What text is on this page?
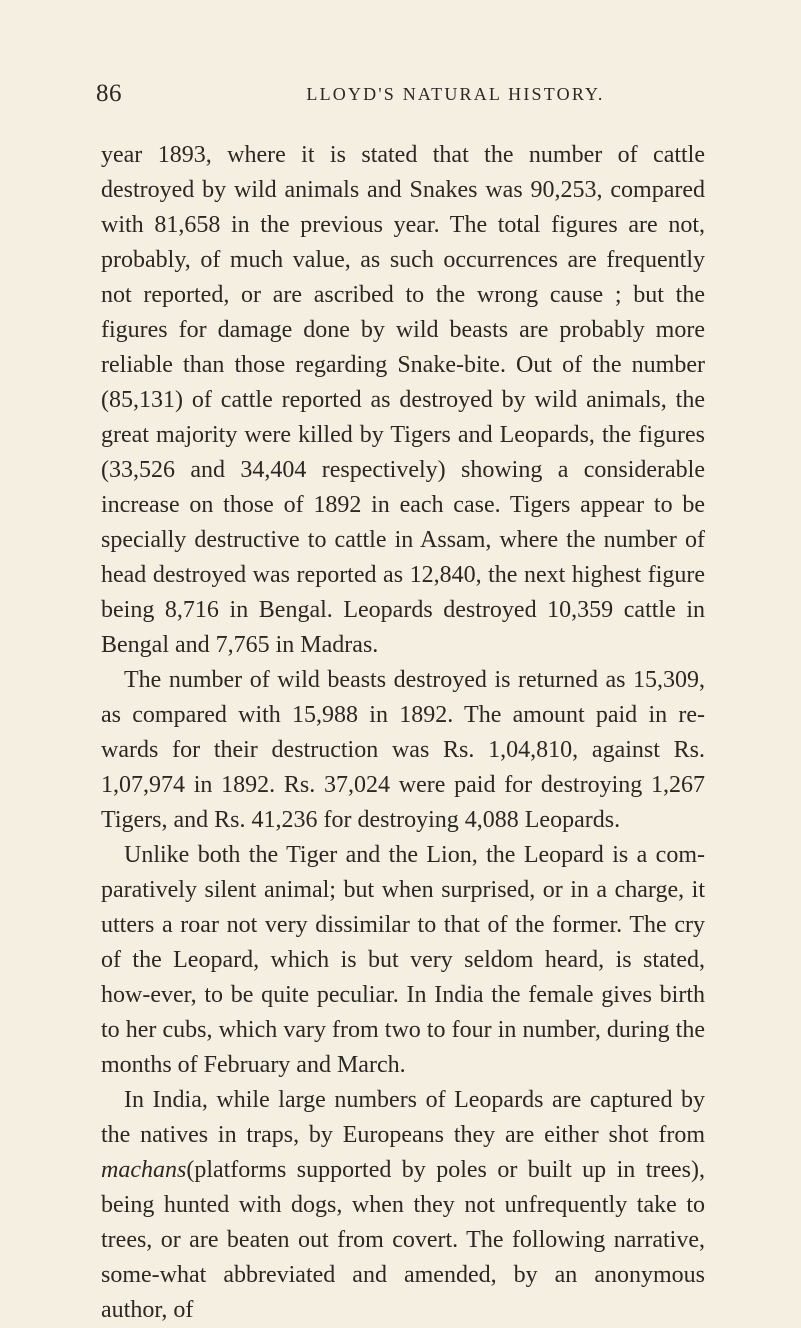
86	LLOYD'S NATURAL HISTORY.

year 1893, where it is stated that the number of cattle destroyed by wild animals and Snakes was 90,253, compared with 81,658 in the previous year. The total figures are not, probably, of much value, as such occurrences are frequently not reported, or are ascribed to the wrong cause ; but the figures for damage done by wild beasts are probably more reliable than those regarding Snake-bite. Out of the number (85,131) of cattle reported as destroyed by wild animals, the great majority were killed by Tigers and Leopards, the figures (33,526 and 34,404 respectively) showing a considerable increase on those of 1892 in each case. Tigers appear to be specially destructive to cattle in Assam, where the number of head destroyed was reported as 12,840, the next highest figure being 8,716 in Bengal. Leopards destroyed 10,359 cattle in Bengal and 7,765 in Madras.

The number of wild beasts destroyed is returned as 15,309, as compared with 15,988 in 1892. The amount paid in re-wards for their destruction was Rs. 1,04,810, against Rs. 1,07,974 in 1892. Rs. 37,024 were paid for destroying 1,267 Tigers, and Rs. 41,236 for destroying 4,088 Leopards.

Unlike both the Tiger and the Lion, the Leopard is a com-paratively silent animal; but when surprised, or in a charge, it utters a roar not very dissimilar to that of the former. The cry of the Leopard, which is but very seldom heard, is stated, how-ever, to be quite peculiar. In India the female gives birth to her cubs, which vary from two to four in number, during the months of February and March.

In India, while large numbers of Leopards are captured by the natives in traps, by Europeans they are either shot from machans(platforms supported by poles or built up in trees), being hunted with dogs, when they not unfrequently take to trees, or are beaten out from covert. The following narrative, some-what abbreviated and amended, by an anonymous author, of
